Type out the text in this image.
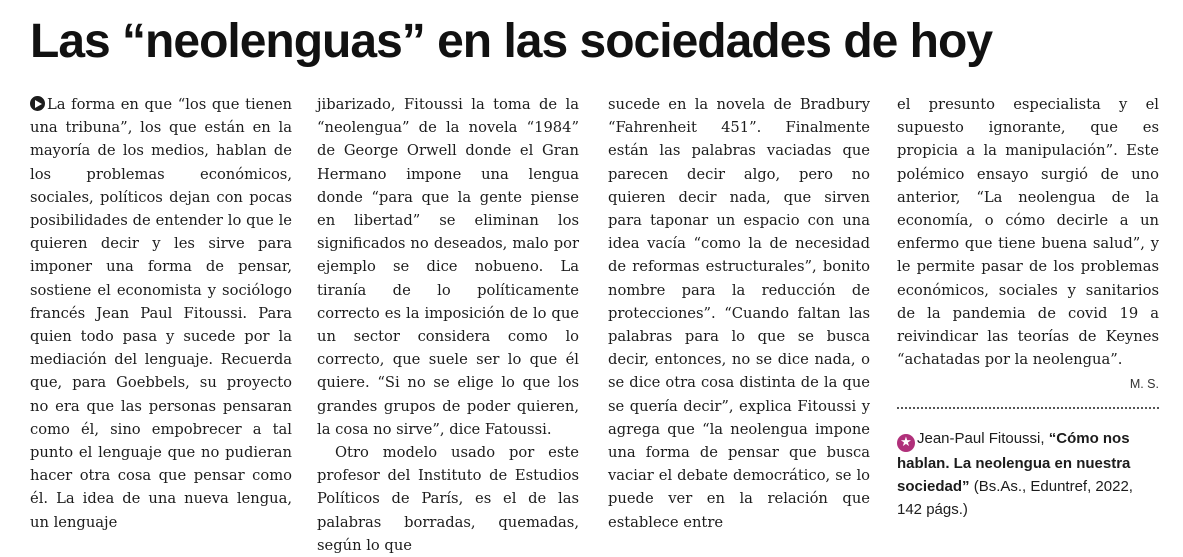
Las “neolenguas” en las sociedades de hoy

La forma en que “los que tienen una tribuna”, los que están en la mayoría de los medios, hablan de los problemas económicos, sociales, políticos dejan con pocas posibilidades de entender lo que le quieren decir y les sirve para imponer una forma de pensar, sostiene el economista y sociólogo francés Jean Paul Fitoussi. Para quien todo pasa y sucede por la mediación del lenguaje. Recuerda que, para Goebbels, su proyecto no era que las personas pensaran como él, sino empobrecer a tal punto el lenguaje que no pudieran hacer otra cosa que pensar como él. La idea de una nueva lengua, un lenguaje

jibarizado, Fitoussi la toma de la “neolengua” de la novela “1984” de George Orwell donde el Gran Hermano impone una lengua donde “para que la gente piense en libertad” se eliminan los significados no deseados, malo por ejemplo se dice nobueno. La tiranía de lo políticamente correcto es la imposición de lo que un sector considera como lo correcto, que suele ser lo que él quiere. “Si no se elige lo que los grandes grupos de poder quieren, la cosa no sirve”, dice Fatoussi.

Otro modelo usado por este profesor del Instituto de Estudios Políticos de París, es el de las palabras borradas, quemadas, según lo que

sucede en la novela de Bradbury “Fahrenheit 451”. Finalmente están las palabras vaciadas que parecen decir algo, pero no quieren decir nada, que sirven para taponar un espacio con una idea vacía “como la de necesidad de reformas estructurales”, bonito nombre para la reducción de protecciones”. “Cuando faltan las palabras para lo que se busca decir, entonces, no se dice nada, o se dice otra cosa distinta de la que se quería decir”, explica Fitoussi y agrega que “la neolengua impone una forma de pensar que busca vaciar el debate democrático, se lo puede ver en la relación que establece entre

el presunto especialista y el supuesto ignorante, que es propicia a la manipulación”. Este polémico ensayo surgió de uno anterior, “La neolengua de la economía, o cómo decirle a un enfermo que tiene buena salud”, y le permite pasar de los problemas económicos, sociales y sanitarios de la pandemia de covid 19 a reivindicar las teorías de Keynes “achatadas por la neolengua”.

M. S.
★ Jean-Paul Fitoussi, “Cómo nos hablan. La neolengua en nuestra sociedad” (Bs.As., Eduntref, 2022, 142 págs.)
